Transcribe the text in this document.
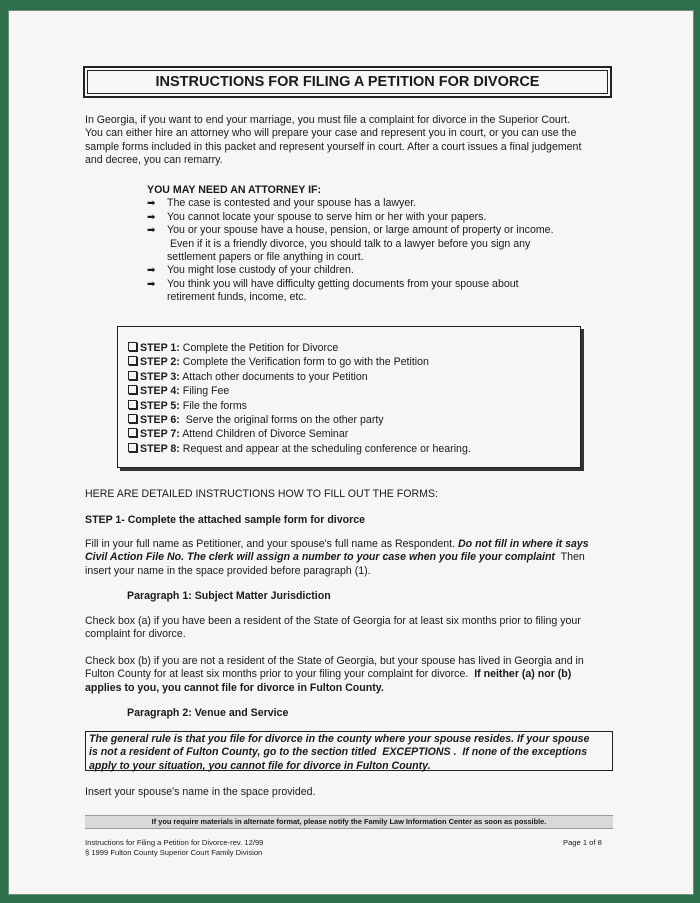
INSTRUCTIONS FOR FILING A PETITION FOR DIVORCE
In Georgia, if you want to end your marriage, you must file a complaint for divorce in the Superior Court.
You can either hire an attorney who will prepare your case and represent you in court, or you can use the
sample forms included in this packet and represent yourself in court. After a court issues a final judgement
and decree, you can remarry.
YOU MAY NEED AN ATTORNEY IF:
➡︎ The case is contested and your spouse has a lawyer.
➡︎ You cannot locate your spouse to serve him or her with your papers.
➡︎ You or your spouse have a house, pension, or large amount of property or income.
Even if it is a friendly divorce, you should talk to a lawyer before you sign any
settlement papers or file anything in court.
➡︎ You might lose custody of your children.
➡︎ You think you will have difficulty getting documents from your spouse about
retirement funds, income, etc.
STEP 1: Complete the Petition for Divorce
STEP 2: Complete the Verification form to go with the Petition
STEP 3: Attach other documents to your Petition
STEP 4: Filing Fee
STEP 5: File the forms
STEP 6:  Serve the original forms on the other party
STEP 7: Attend Children of Divorce Seminar
STEP 8: Request and appear at the scheduling conference or hearing.
HERE ARE DETAILED INSTRUCTIONS HOW TO FILL OUT THE FORMS:
STEP 1- Complete the attached sample form for divorce
Fill in your full name as Petitioner, and your spouse's full name as Respondent. Do not fill in where it says
Civil Action File No. The clerk will assign a number to your case when you file your complaint  Then
insert your name in the space provided before paragraph (1).
Paragraph 1: Subject Matter Jurisdiction
Check box (a) if you have been a resident of the State of Georgia for at least six months prior to filing your
complaint for divorce.
Check box (b) if you are not a resident of the State of Georgia, but your spouse has lived in Georgia and in
Fulton County for at least six months prior to your filing your complaint for divorce.  If neither (a) nor (b)
applies to you, you cannot file for divorce in Fulton County.
Paragraph 2: Venue and Service
The general rule is that you file for divorce in the county where your spouse resides. If your spouse
is not a resident of Fulton County, go to the section titled  EXCEPTIONS .  If none of the exceptions
apply to your situation, you cannot file for divorce in Fulton County.
Insert your spouse's name in the space provided.
If you require materials in alternate format, please notify the Family Law Information Center as soon as possible.
Instructions for Filing a Petition for Divorce-rev. 12/99
§ 1999 Fulton County Superior Court Family Division
Page 1 of 8
